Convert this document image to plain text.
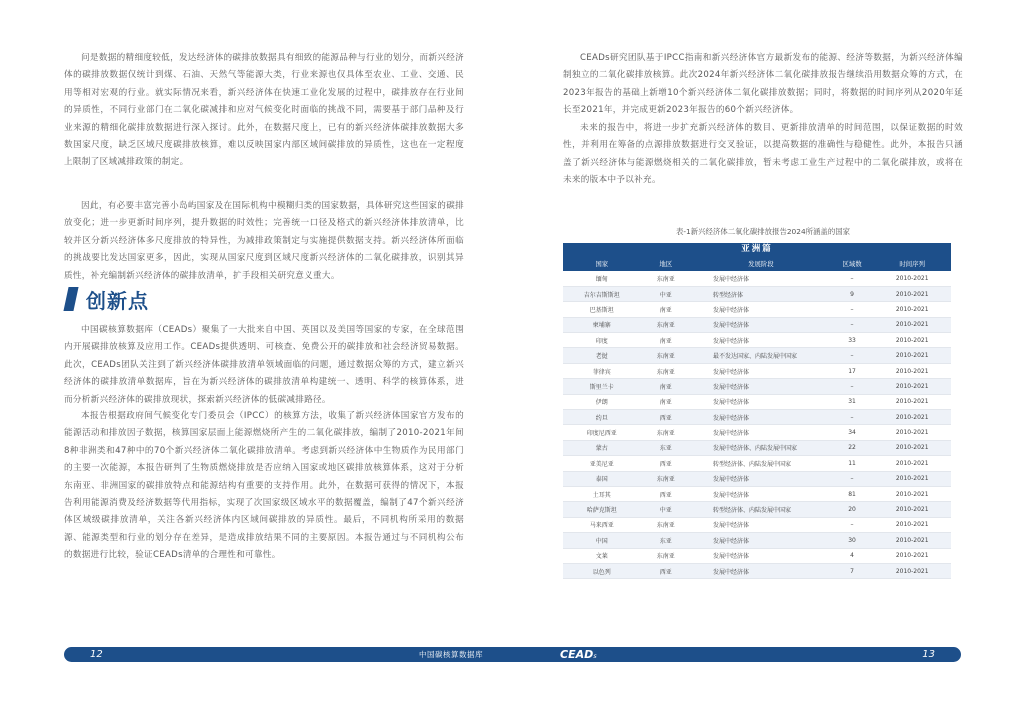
问是数据的精细度较低，发达经济体的碳排放数据具有细致的能源品种与行业的划分，而新兴经济体的碳排放数据仅统计到煤、石油、天然气等能源大类，行业来源也仅具体至农业、工业、交通、民用等相对宏观的行业。就实际情况来看，新兴经济体在快速工业化发展的过程中，碳排放存在行业间的异质性，不同行业部门在二氧化碳减排和应对气候变化时面临的挑战不同，需要基于部门品种及行业来源的精细化碳排放数据进行深入探讨。此外，在数据尺度上，已有的新兴经济体碳排放数据大多数国家尺度，缺乏区域尺度碳排放核算，难以反映国家内部区域间碳排放的异质性，这也在一定程度上限制了区域减排政策的制定。

因此，有必要丰富完善小岛屿国家及在国际机构中模糊归类的国家数据，具体研究这些国家的碳排放变化；进一步更新时间序列，提升数据的时效性；完善统一口径及格式的新兴经济体排放清单，比较并区分新兴经济体多尺度排放的特异性，为减排政策制定与实施提供数据支持。新兴经济体所面临的挑战要比发达国家更多，因此，实现从国家尺度到区域尺度新兴经济体的二氧化碳排放，识别其异质性，补充编制新兴经济体的碳排放清单，扩手段相关研究意义重大。

创新点

中国碳核算数据库（CEADs）聚集了一大批来自中国、英国以及美国等国家的专家，在全球范围内开展碳排放核算及应用工作。CEADs提供透明、可核查、免费公开的碳排放和社会经济贸易数据。此次，CEADs团队关注到了新兴经济体碳排放清单领域面临的问题，通过数据众筹的方式，建立新兴经济体的碳排放清单数据库，旨在为新兴经济体的碳排放清单构建统一、透明、科学的核算体系，进而分析新兴经济体的碳排放现状，探索新兴经济体的低碳减排路径。

本报告根据政府间气候变化专门委员会（IPCC）的核算方法，收集了新兴经济体国家官方发布的能源活动和排放因子数据，核算国家层面上能源燃烧所产生的二氧化碳排放，编制了2010-2021年间8种非洲类和47种中的70个新兴经济体二氧化碳排放清单。考虑到新兴经济体中生物质作为民用部门的主要一次能源，本报告研判了生物质燃烧排放是否应纳入国家或地区碳排放核算体系，这对于分析东南亚、非洲国家的碳排放特点和能源结构有重要的支持作用。此外，在数据可获得的情况下，本报告利用能源消费及经济数据等代用指标，实现了次国家级区域水平的数据覆盖，编制了47个新兴经济体区域级碳排放清单，关注各新兴经济体内区域间碳排放的异质性。最后，不同机构所采用的数据源、能源类型和行业的划分存在差异，是造成排放结果不同的主要原因。本报告通过与不同机构公布的数据进行比较，验证CEADs清单的合理性和可靠性。

CEADs研究团队基于IPCC指南和新兴经济体官方最新发布的能源、经济等数据，为新兴经济体编制独立的二氧化碳排放核算。此次2024年新兴经济体二氧化碳排放报告继续沿用数据众筹的方式，在2023年报告的基础上新增10个新兴经济体二氧化碳排放数据；同时，将数据的时间序列从2020年延长至2021年，并完成更新2023年报告的60个新兴经济体。

未来的报告中，将进一步扩充新兴经济体的数目、更新排放清单的时间范围，以保证数据的时效性，并利用在筹备的点源排放数据进行交叉验证，以提高数据的准确性与稳健性。此外，本报告只涵盖了新兴经济体与能源燃烧相关的二氧化碳排放，暂未考虑工业生产过程中的二氧化碳排放，或将在未来的版本中予以补充。

表-1新兴经济体二氧化碳排放报告2024所涵盖的国家
亚洲篇
国家	地区	发展阶段	区域数	时间序列
缅甸	东南亚	发展中经济体	–	2010-2021
吉尔吉斯斯坦	中亚	转型经济体	9	2010-2021
巴基斯坦	南亚	发展中经济体	–	2010-2021
柬埔寨	东南亚	发展中经济体	–	2010-2021
印度	南亚	发展中经济体	33	2010-2021
老挝	东南亚	最不发达国家、内陆发展中国家	–	2010-2021
菲律宾	东南亚	发展中经济体	17	2010-2021
斯里兰卡	南亚	发展中经济体	–	2010-2021
伊朗	南亚	发展中经济体	31	2010-2021
约旦	西亚	发展中经济体	–	2010-2021
印度尼西亚	东南亚	发展中经济体	34	2010-2021
蒙古	东亚	发展中经济体、内陆发展中国家	22	2010-2021
亚美尼亚	西亚	转型经济体、内陆发展中国家	11	2010-2021
泰国	东南亚	发展中经济体	–	2010-2021
土耳其	西亚	发展中经济体	81	2010-2021
哈萨克斯坦	中亚	转型经济体、内陆发展中国家	20	2010-2021
马来西亚	东南亚	发展中经济体	–	2010-2021
中国	东亚	发展中经济体	30	2010-2021
文莱	东南亚	发展中经济体	4	2010-2021
以色列	西亚	发展中经济体	7	2010-2021
12	中国碳核算数据库	CEADs	13
